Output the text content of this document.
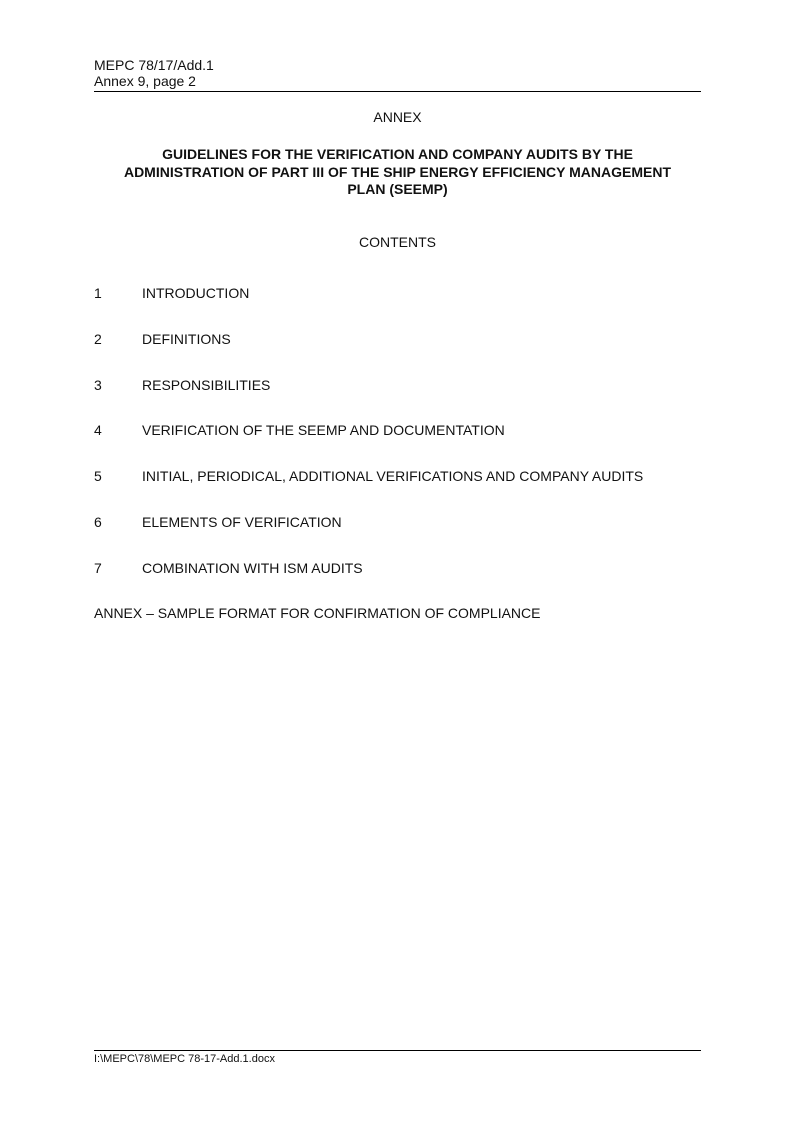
MEPC 78/17/Add.1
Annex 9, page 2
ANNEX
GUIDELINES FOR THE VERIFICATION AND COMPANY AUDITS BY THE
ADMINISTRATION OF PART III OF THE SHIP ENERGY EFFICIENCY MANAGEMENT
PLAN (SEEMP)
CONTENTS
1	INTRODUCTION
2	DEFINITIONS
3	RESPONSIBILITIES
4	VERIFICATION OF THE SEEMP AND DOCUMENTATION
5	INITIAL, PERIODICAL, ADDITIONAL VERIFICATIONS AND COMPANY AUDITS
6	ELEMENTS OF VERIFICATION
7	COMBINATION WITH ISM AUDITS
ANNEX – SAMPLE FORMAT FOR CONFIRMATION OF COMPLIANCE
I:\MEPC\78\MEPC 78-17-Add.1.docx
